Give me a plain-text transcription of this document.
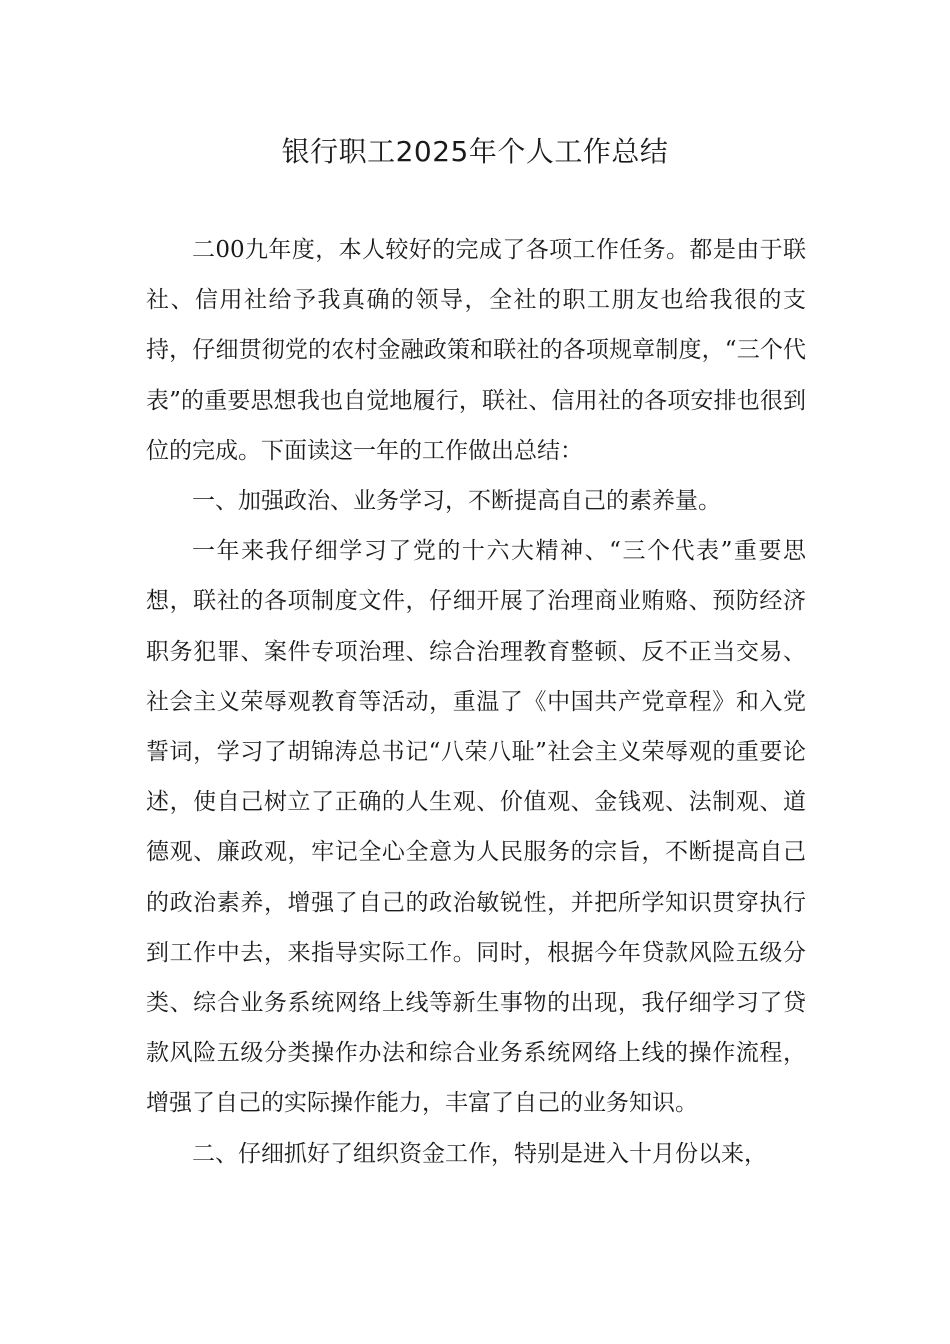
银行职工2025年个人工作总结

二00九年度，本人较好的完成了各项工作任务。都是由于联社、信用社给予我真确的领导，全社的职工朋友也给我很的支持，仔细贯彻党的农村金融政策和联社的各项规章制度，“三个代表”的重要思想我也自觉地履行，联社、信用社的各项安排也很到位的完成。下面读这一年的工作做出总结：

一、加强政治、业务学习，不断提高自己的素养量。

一年来我仔细学习了党的十六大精神、“三个代表”重要思想，联社的各项制度文件，仔细开展了治理商业贿赂、预防经济职务犯罪、案件专项治理、综合治理教育整顿、反不正当交易、社会主义荣辱观教育等活动，重温了《中国共产党章程》和入党誓词，学习了胡锦涛总书记“八荣八耻”社会主义荣辱观的重要论述，使自己树立了正确的人生观、价值观、金钱观、法制观、道德观、廉政观，牢记全心全意为人民服务的宗旨，不断提高自己的政治素养，增强了自己的政治敏锐性，并把所学知识贯穿执行到工作中去，来指导实际工作。同时，根据今年贷款风险五级分类、综合业务系统网络上线等新生事物的出现，我仔细学习了贷款风险五级分类操作办法和综合业务系统网络上线的操作流程，增强了自己的实际操作能力，丰富了自己的业务知识。

二、仔细抓好了组织资金工作，特别是进入十月份以来，
